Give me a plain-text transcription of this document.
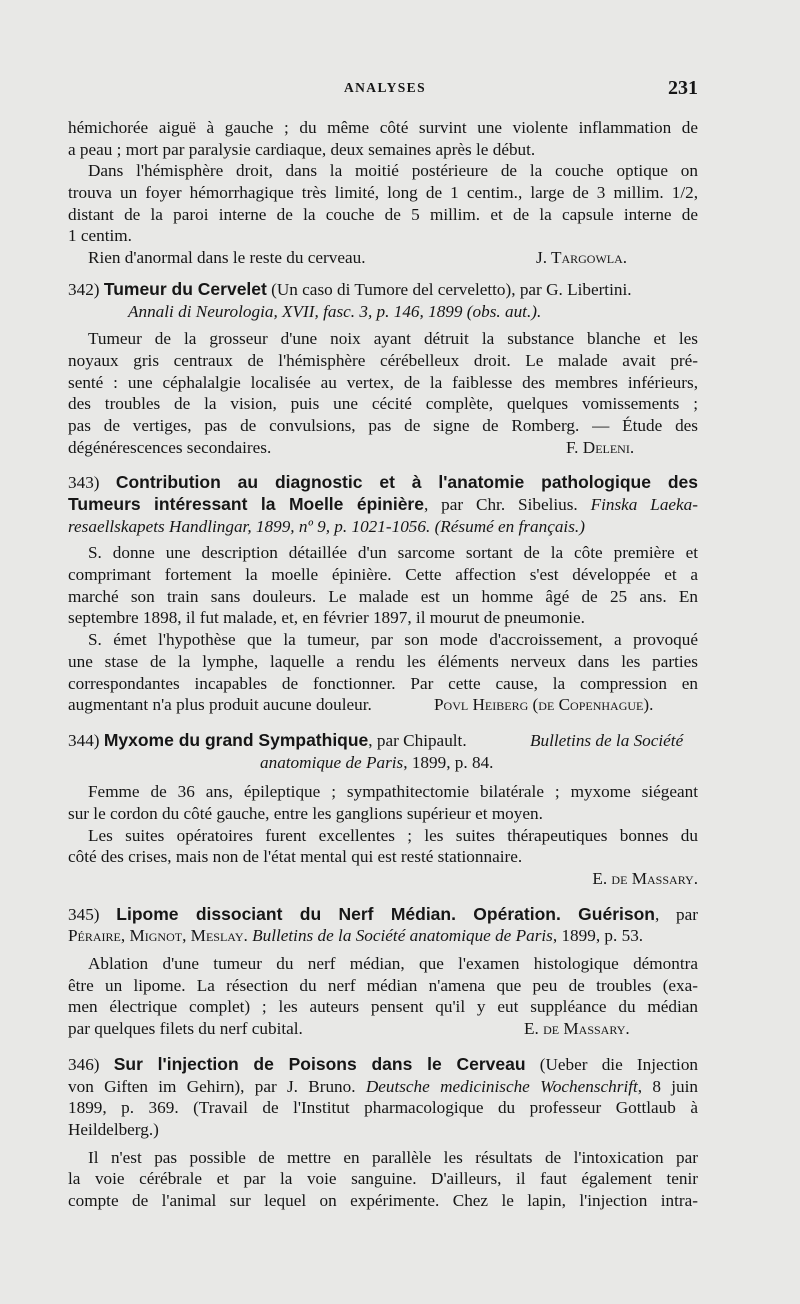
ANALYSES	231
hémichorée aiguë à gauche ; du même côté survint une violente inflammation de
a peau ; mort par paralysie cardiaque, deux semaines après le début.
Dans l'hémisphère droit, dans la moitié postérieure de la couche optique on
trouva un foyer hémorrhagique très limité, long de 1 centim., large de 3 millim. 1/2,
distant de la paroi interne de la couche de 5 millim. et de la capsule interne de
1 centim.
Rien d'anormal dans le reste du cerveau.	J. Targowla.
342) Tumeur du Cervelet (Un caso di Tumore del cerveletto), par G. Libertini.
Annali di Neurologia, XVII, fasc. 3, p. 146, 1899 (obs. aut.).
Tumeur de la grosseur d'une noix ayant détruit la substance blanche et les
noyaux gris centraux de l'hémisphère cérébelleux droit. Le malade avait pré-
senté : une céphalalgie localisée au vertex, de la faiblesse des membres inférieurs,
des troubles de la vision, puis une cécité complète, quelques vomissements ;
pas de vertiges, pas de convulsions, pas de signe de Romberg. — Étude des
dégénérescences secondaires.	F. Deleni.
343) Contribution au diagnostic et à l'anatomie pathologique des
Tumeurs intéressant la Moelle épinière, par Chr. Sibelius. Finska Laeka-
resaellskapets Handlingar, 1899, nº 9, p. 1021-1056. (Résumé en français.)
S. donne une description détaillée d'un sarcome sortant de la côte première et
comprimant fortement la moelle épinière. Cette affection s'est développée et a
marché son train sans douleurs. Le malade est un homme âgé de 25 ans. En
septembre 1898, il fut malade, et, en février 1897, il mourut de pneumonie.
S. émet l'hypothèse que la tumeur, par son mode d'accroissement, a provoqué
une stase de la lymphe, laquelle a rendu les éléments nerveux dans les parties
correspondantes incapables de fonctionner. Par cette cause, la compression en
augmentant n'a plus produit aucune douleur.	Povl Heiberg (de Copenhague).
344) Myxome du grand Sympathique, par Chipault.	Bulletins de la Société
anatomique de Paris, 1899, p. 84.
Femme de 36 ans, épileptique ; sympathitectomie bilatérale ; myxome siégeant
sur le cordon du côté gauche, entre les ganglions supérieur et moyen.
Les suites opératoires furent excellentes ; les suites thérapeutiques bonnes du
côté des crises, mais non de l'état mental qui est resté stationnaire.
E. de Massary.
345) Lipome dissociant du Nerf Médian. Opération. Guérison, par
Péraire, Mignot, Meslay. Bulletins de la Société anatomique de Paris, 1899, p. 53.
Ablation d'une tumeur du nerf médian, que l'examen histologique démontra
être un lipome. La résection du nerf médian n'amena que peu de troubles (exa-
men électrique complet) ; les auteurs pensent qu'il y eut suppléance du médian
par quelques filets du nerf cubital.	E. de Massary.
346) Sur l'injection de Poisons dans le Cerveau (Ueber die Injection
von Giften im Gehirn), par J. Bruno. Deutsche medicinische Wochenschrift, 8 juin
1899, p. 369. (Travail de l'Institut pharmacologique du professeur Gottlaub à
Heildelberg.)
Il n'est pas possible de mettre en parallèle les résultats de l'intoxication par
la voie cérébrale et par la voie sanguine. D'ailleurs, il faut également tenir
compte de l'animal sur lequel on expérimente. Chez le lapin, l'injection intra-
